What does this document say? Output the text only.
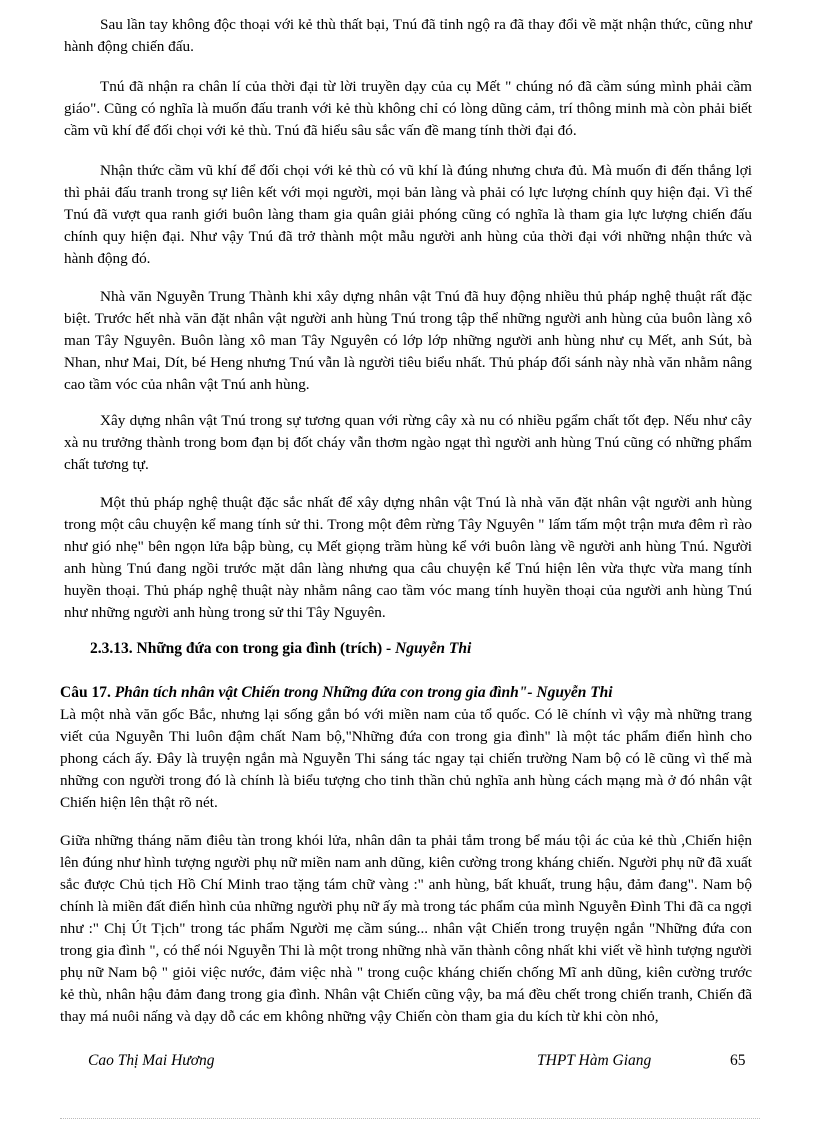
Sau lần tay không độc thoại với kẻ thù thất bại, Tnú đã tỉnh ngộ ra đã thay đổi về mặt nhận thức, cũng như hành động chiến đấu.

Tnú đã nhận ra chân lí của thời đại từ lời truyền dạy của cụ Mết " chúng nó đã cầm súng mình phải cầm giáo". Cũng có nghĩa là muốn đấu tranh với kẻ thù không chỉ có lòng dũng cảm, trí thông minh mà còn phải biết cầm vũ khí để đối chọi với kẻ thù. Tnú đã hiểu sâu sắc vấn đề mang tính thời đại đó.

Nhận thức cầm vũ khí để đối chọi với kẻ thù có vũ khí là đúng nhưng chưa đủ. Mà muốn đi đến thắng lợi thì phải đấu tranh trong sự liên kết với mọi người, mọi bản làng và phải có lực lượng chính quy hiện đại. Vì thế Tnú đã vượt qua ranh giới buôn làng tham gia quân giải phóng cũng có nghĩa là tham gia lực lượng chiến đấu chính quy hiện đại. Như vậy Tnú đã trở thành một mẫu người anh hùng của thời đại với những nhận thức và hành động đó.

Nhà văn Nguyễn Trung Thành khi xây dựng nhân vật Tnú đã huy động nhiều thủ pháp nghệ thuật rất đặc biệt. Trước hết nhà văn đặt nhân vật người anh hùng Tnú trong tập thể những người anh hùng của buôn làng xô man Tây Nguyên. Buôn làng xô man Tây Nguyên có lớp lớp những người anh hùng như cụ Mết, anh Sút, bà Nhan, như Mai, Dít, bé Heng nhưng Tnú vẫn là người tiêu biểu nhất. Thủ pháp đối sánh này nhà văn nhằm nâng cao tầm vóc của nhân vật Tnú anh hùng.

Xây dựng nhân vật Tnú trong sự tương quan với rừng cây xà nu có nhiều pgẩm chất tốt đẹp. Nếu như cây xà nu trưởng thành trong bom đạn bị đốt cháy vẫn thơm ngào ngạt thì người anh hùng Tnú cũng có những phẩm chất tương tự.

Một thủ pháp nghệ thuật đặc sắc nhất để xây dựng nhân vật Tnú là nhà văn đặt nhân vật người anh hùng trong một câu chuyện kể mang tính sử thi. Trong một đêm rừng Tây Nguyên " lấm tấm một trận mưa đêm rì rào như gió nhẹ" bên ngọn lửa bập bùng, cụ Mết giọng trầm hùng kể với buôn làng về người anh hùng Tnú. Người anh hùng Tnú đang ngồi trước mặt dân làng nhưng qua câu chuyện kể Tnú hiện lên vừa thực vừa mang tính huyền thoại. Thủ pháp nghệ thuật này nhằm nâng cao tầm vóc mang tính huyền thoại của người anh hùng Tnú như những người anh hùng trong sử thi Tây Nguyên.

2.3.13. Những đứa con trong gia đình (trích) - Nguyễn Thi

Câu 17. Phân tích nhân vật Chiến trong Những đứa con trong gia đình"- Nguyễn Thi

Là một nhà văn gốc Bắc, nhưng lại sống gắn bó với miền nam của tổ quốc. Có lẽ chính vì vậy mà những trang viết của Nguyễn Thi luôn đậm chất Nam bộ,"Những đứa con trong gia đình" là một tác phẩm điển hình cho phong cách ấy. Đây là truyện ngắn mà Nguyễn Thi sáng tác ngay tại chiến trường Nam bộ có lẽ cũng vì thế mà những con người trong đó là chính là biểu tượng cho tinh thần chủ nghĩa anh hùng cách mạng mà ở đó nhân vật Chiến hiện lên thật rõ nét.

Giữa những tháng năm điêu tàn trong khói lửa, nhân dân ta phải tắm trong bể máu tội ác của kẻ thù ,Chiến hiện lên đúng như hình tượng người phụ nữ miền nam anh dũng, kiên cường trong kháng chiến. Người phụ nữ đã xuất sắc được Chủ tịch Hồ Chí Minh trao tặng tám chữ vàng :" anh hùng, bất khuất, trung hậu, đảm đang". Nam bộ chính là miền đất điển hình của những người phụ nữ ấy mà trong tác phẩm của mình Nguyễn Đình Thi đã ca ngợi như :" Chị Út Tịch" trong tác phẩm Người mẹ cầm súng... nhân vật Chiến trong truyện ngắn "Những đứa con trong gia đình ", có thể nói Nguyễn Thi là một trong những nhà văn thành công nhất khi viết về hình tượng người phụ nữ Nam bộ " giỏi việc nước, đảm việc nhà " trong cuộc kháng chiến chống Mĩ anh dũng, kiên cường trước kẻ thù, nhân hậu đảm đang trong gia đình. Nhân vật Chiến cũng vậy, ba má đều chết trong chiến tranh, Chiến đã thay má nuôi nấng và dạy dỗ các em không những vậy Chiến còn tham gia du kích từ khi còn nhỏ,

Cao Thị Mai Hương	THPT Hàm Giang	65
